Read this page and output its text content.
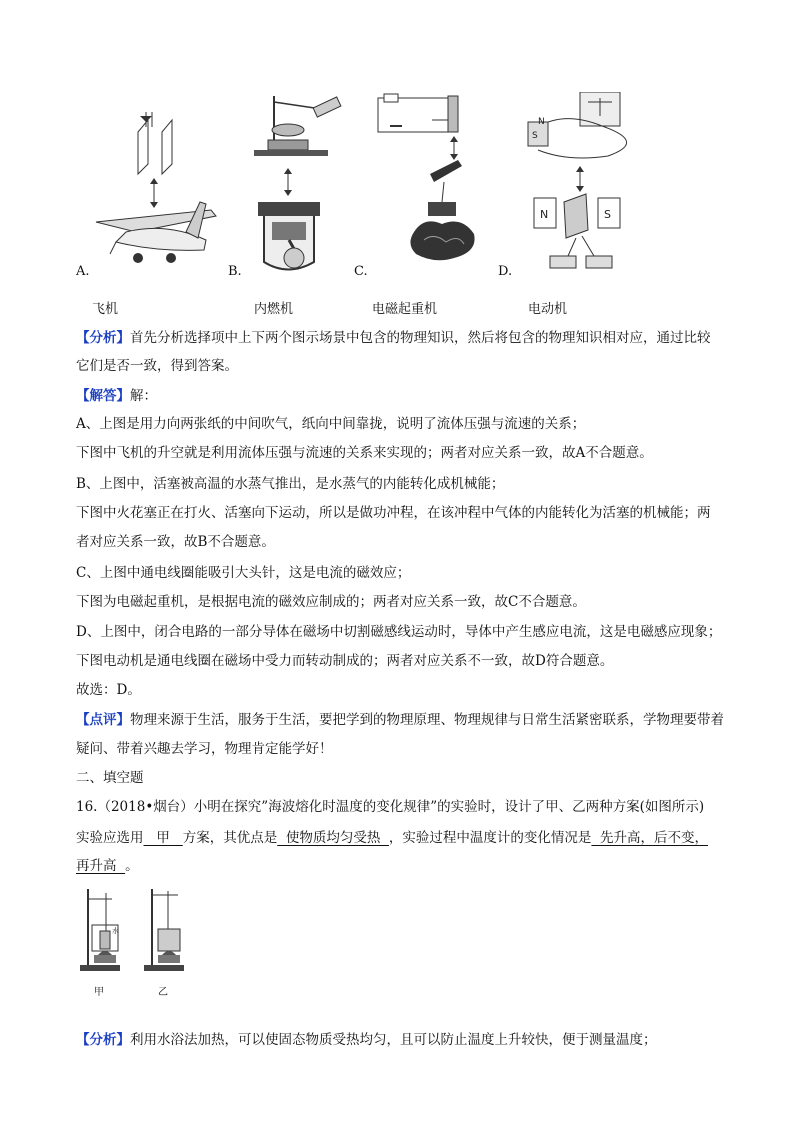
A.	B.	C.
S
N
N	S
D.
飞机	内燃机	电磁起重机	电动机
【分析】首先分析选择项中上下两个图示场景中包含的物理知识，然后将包含的物理知识相对应，通过比较
它们是否一致，得到答案。
【解答】解：
A、上图是用力向两张纸的中间吹气，纸向中间靠拢，说明了流体压强与流速的关系；
下图中飞机的升空就是利用流体压强与流速的关系来实现的；两者对应关系一致，故A不合题意。
B、上图中，活塞被高温的水蒸气推出，是水蒸气的内能转化成机械能；
下图中火花塞正在打火、活塞向下运动，所以是做功冲程，在该冲程中气体的内能转化为活塞的机械能；两
者对应关系一致，故B不合题意。
C、上图中通电线圈能吸引大头针，这是电流的磁效应；
下图为电磁起重机，是根据电流的磁效应制成的；两者对应关系一致，故C不合题意。
D、上图中，闭合电路的一部分导体在磁场中切割磁感线运动时，导体中产生感应电流，这是电磁感应现象；
下图电动机是通电线圈在磁场中受力而转动制成的；两者对应关系不一致，故D符合题意。
故选：D。
【点评】物理来源于生活，服务于生活，要把学到的物理原理、物理规律与日常生活紧密联系，学物理要带着
疑问、带着兴趣去学习，物理肯定能学好！
二、填空题
16.（2018•烟台）小明在探究”海波熔化时温度的变化规律”的实验时，设计了甲、乙两种方案(如图所示)
实验应选用   甲   方案，其优点是  使物质均匀受热  ，实验过程中温度计的变化情况是  先升高，后不变，
再升高  。
水
甲	乙
【分析】利用水浴法加热，可以使固态物质受热均匀，且可以防止温度上升较快，便于测量温度；
